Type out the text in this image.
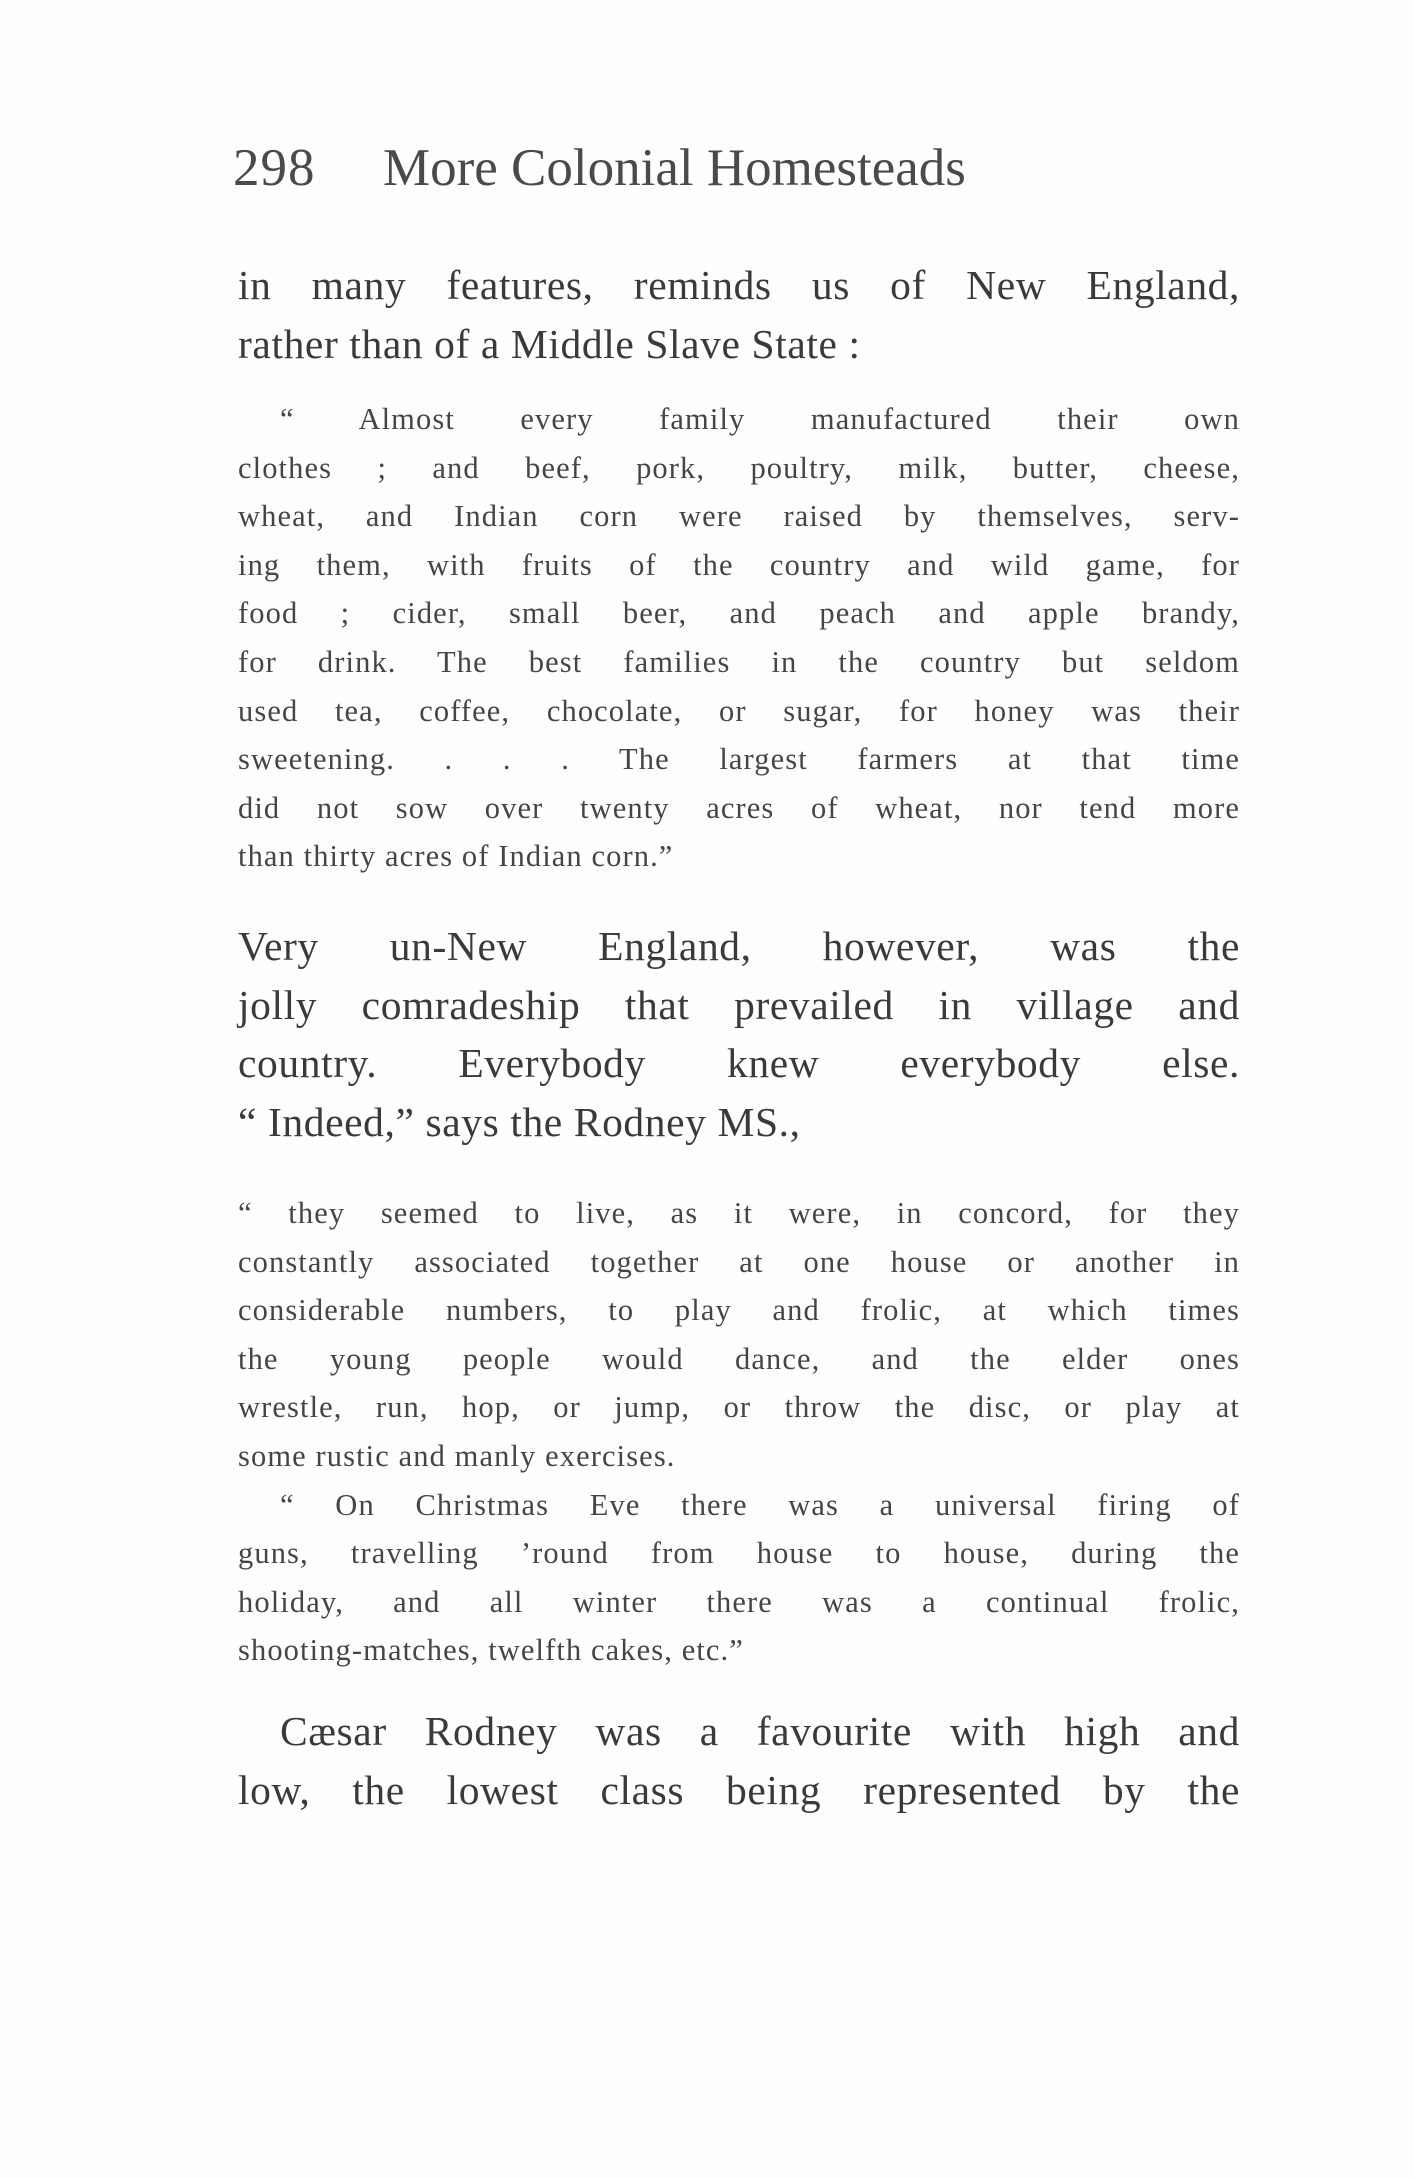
298 More Colonial Homesteads
in many features, reminds us of New England,
rather than of a Middle Slave State :
“ Almost every family manufactured their own
clothes ; and beef, pork, poultry, milk, butter, cheese,
wheat, and Indian corn were raised by themselves, serv-
ing them, with fruits of the country and wild game, for
food ; cider, small beer, and peach and apple brandy,
for drink. The best families in the country but seldom
used tea, coffee, chocolate, or sugar, for honey was their
sweetening. . . . The largest farmers at that time
did not sow over twenty acres of wheat, nor tend more
than thirty acres of Indian corn.”
Very un-New England, however, was the
jolly comradeship that prevailed in village and
country. Everybody knew everybody else.
“ Indeed,” says the Rodney MS.,
“ they seemed to live, as it were, in concord, for they
constantly associated together at one house or another in
considerable numbers, to play and frolic, at which times
the young people would dance, and the elder ones
wrestle, run, hop, or jump, or throw the disc, or play at
some rustic and manly exercises.
“ On Christmas Eve there was a universal firing of
guns, travelling ’round from house to house, during the
holiday, and all winter there was a continual frolic,
shooting-matches, twelfth cakes, etc.”
Cæsar Rodney was a favourite with high and
low, the lowest class being represented by the
